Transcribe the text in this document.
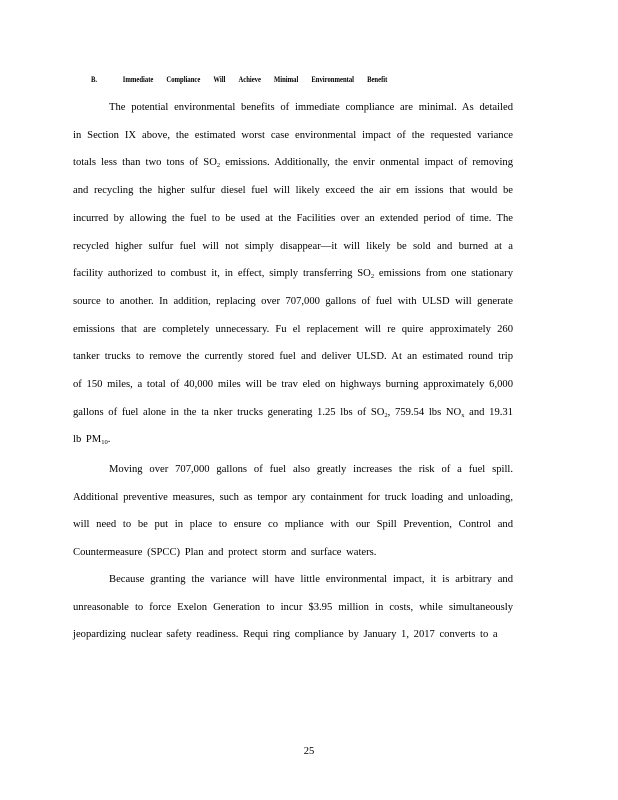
B.	Immediate Compliance Will Achieve Minimal Environmental Benefit

The potential environmental benefits of immediate compliance are minimal. As detailed in Section IX above, the estimated worst case environmental impact of the requested variance totals less than two tons of $SO_2$ emissions. Additionally, the envir onmental impact of removing and recycling the higher sulfur diesel fuel will likely exceed the air em issions that would be incurred by allowing the fuel to be used at the Facilities over an extended period of time. The recycled higher sulfur fuel will not simply disappear—it will likely be sold and burned at a facility authorized to combust it, in effect, simply transferring $SO_2$ emissions from one stationary source to another. In addition, replacing over 707,000 gallons of fuel with ULSD will generate emissions that are completely unnecessary. Fu el replacement will re quire approximately 260 tanker trucks to remove the currently stored fuel and deliver ULSD. At an estimated round trip of 150 miles, a total of 40,000 miles will be trav eled on highways burning approximately 6,000 gallons of fuel alone in the ta nker trucks generating 1.25 lbs of $SO_2$, 759.54 lbs $NO_x$ and 19.31 lb $PM_{10}$.

Moving over 707,000 gallons of fuel also greatly increases the risk of a fuel spill. Additional preventive measures, such as tempor ary containment for truck loading and unloading, will need to be put in place to ensure co mpliance with our Spill Prevention, Control and Countermeasure (SPCC) Plan and protect storm and surface waters.

Because granting the variance will have little environmental impact, it is arbitrary and unreasonable to force Exelon Generation to incur $3.95 million in costs, while simultaneously jeopardizing nuclear safety readiness. Requi ring compliance by January 1, 2017 converts to a

25
